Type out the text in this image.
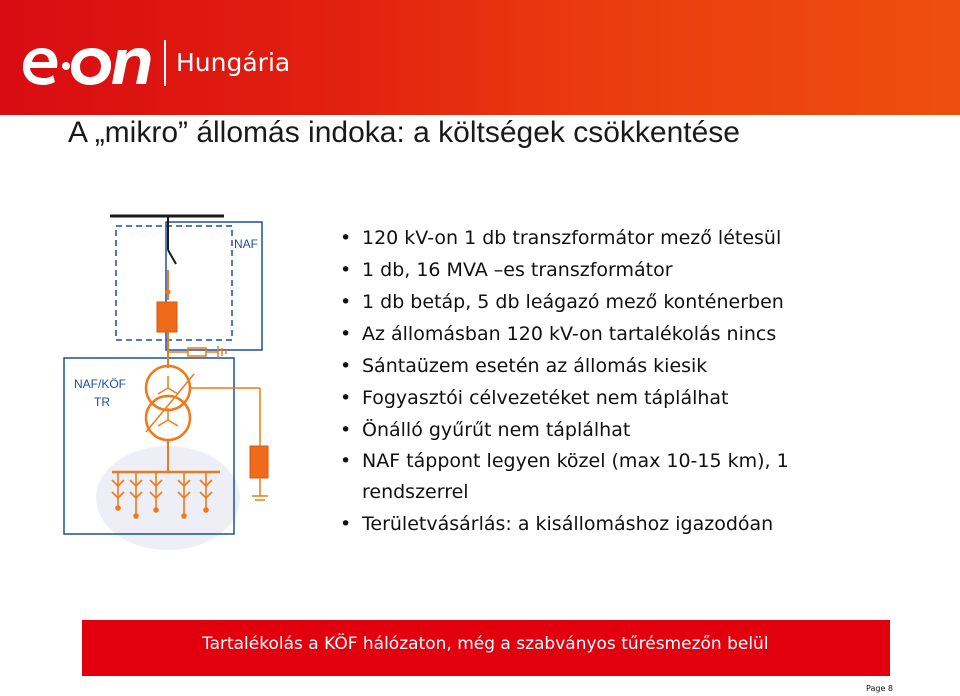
Hungária
A „mikro” állomás indoka: a költségek csökkentése
NAF
NAF/KÖF
TR
• 120 kV-on 1 db transzformátor mező létesül
• 1 db, 16 MVA –es transzformátor
• 1 db betáp, 5 db leágazó mező konténerben
• Az állomásban 120 kV-on tartalékolás nincs
• Sántaüzem esetén az állomás kiesik
• Fogyasztói célvezetéket nem táplálhat
• Önálló gyűrűt nem táplálhat
• NAF táppont legyen közel (max 10-15 km), 1 rendszerrel
• Területvásárlás: a kisállomáshoz igazodóan
Tartalékolás a KÖF hálózaton, még a szabványos tűrésmezőn belül
Page 8
